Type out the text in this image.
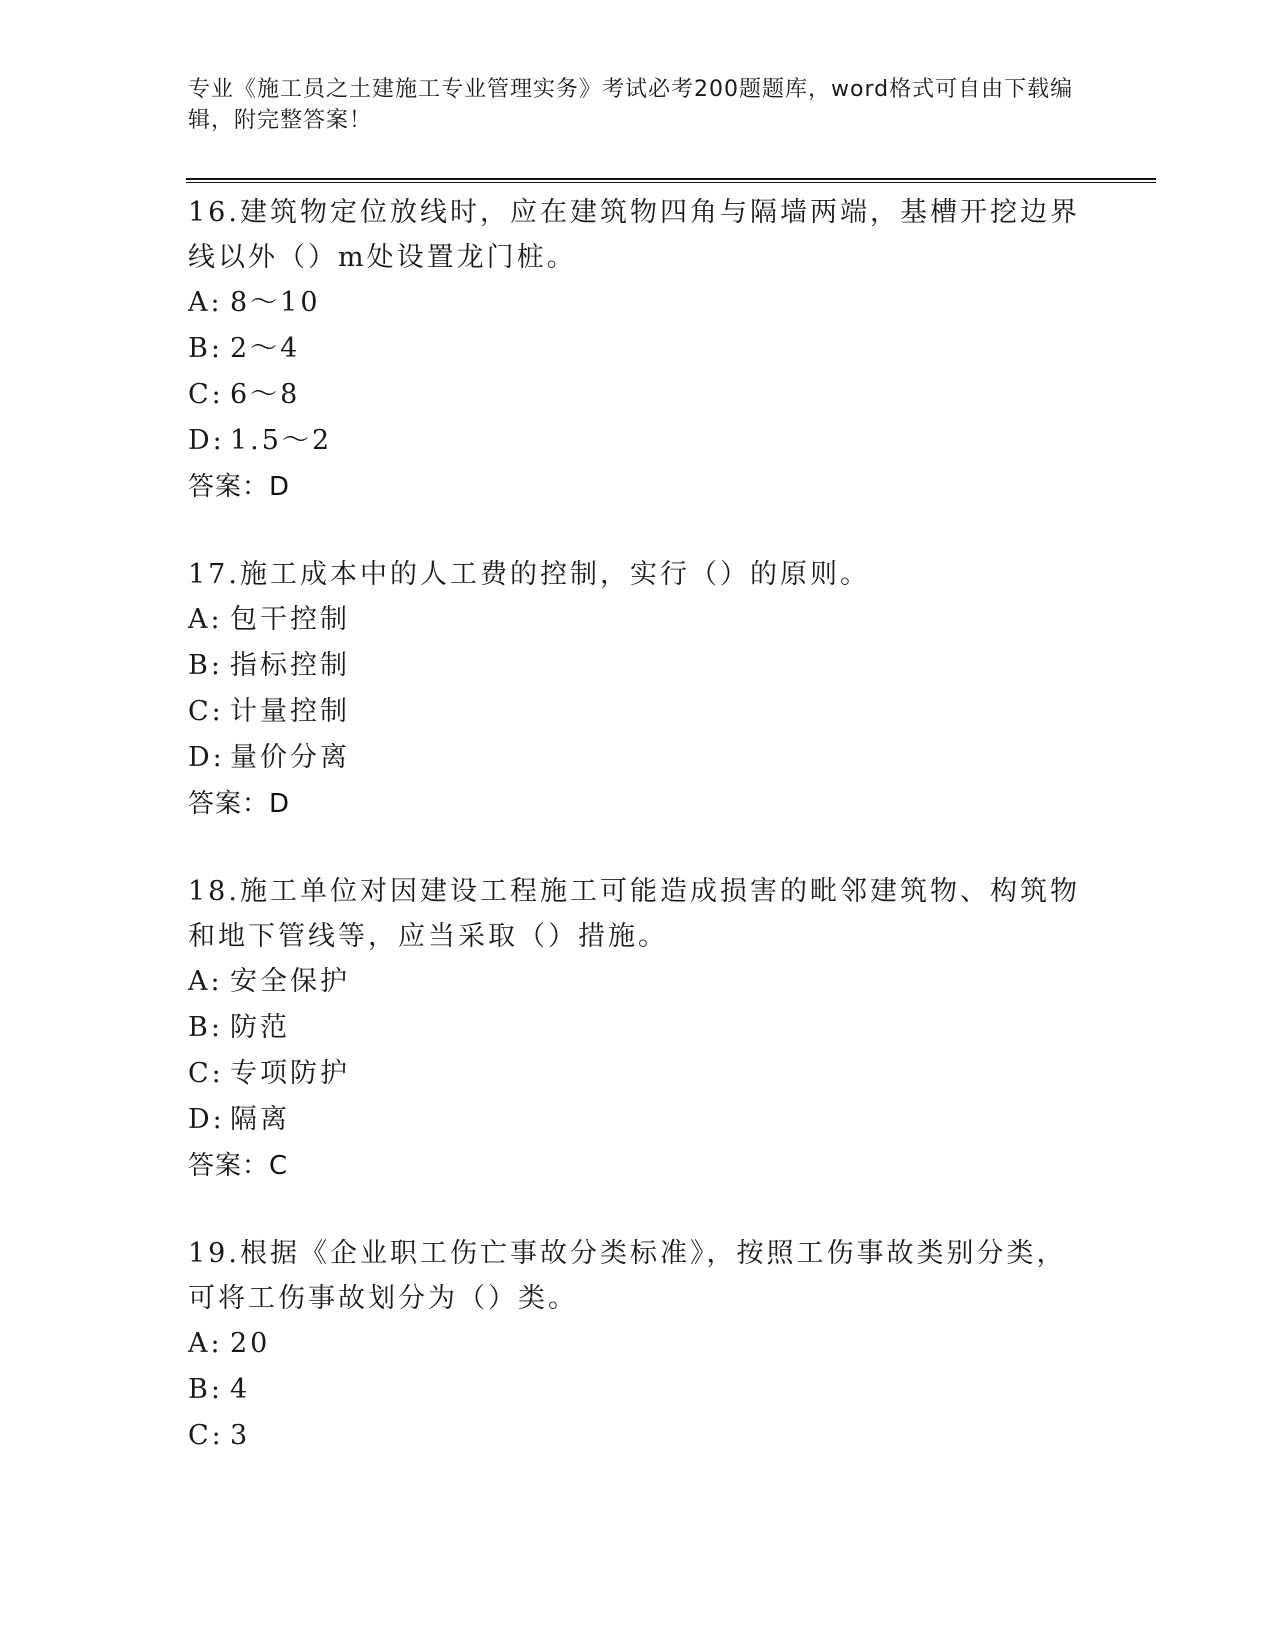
专业《施工员之土建施工专业管理实务》考试必考200题题库，word格式可自由下载编辑，附完整答案！

16.建筑物定位放线时，应在建筑物四角与隔墙两端，基槽开挖边界线以外（）m处设置龙门桩。

A: 8～10
B: 2～4
C: 6～8
D: 1.5～2

答案：D

17.施工成本中的人工费的控制，实行（）的原则。

A: 包干控制
B: 指标控制
C: 计量控制
D: 量价分离

答案：D

18.施工单位对因建设工程施工可能造成损害的毗邻建筑物、构筑物和地下管线等，应当采取（）措施。

A: 安全保护
B: 防范
C: 专项防护
D: 隔离

答案：C

19.根据《企业职工伤亡事故分类标准》，按照工伤事故类别分类，可将工伤事故划分为（）类。

A: 20
B: 4
C: 3
